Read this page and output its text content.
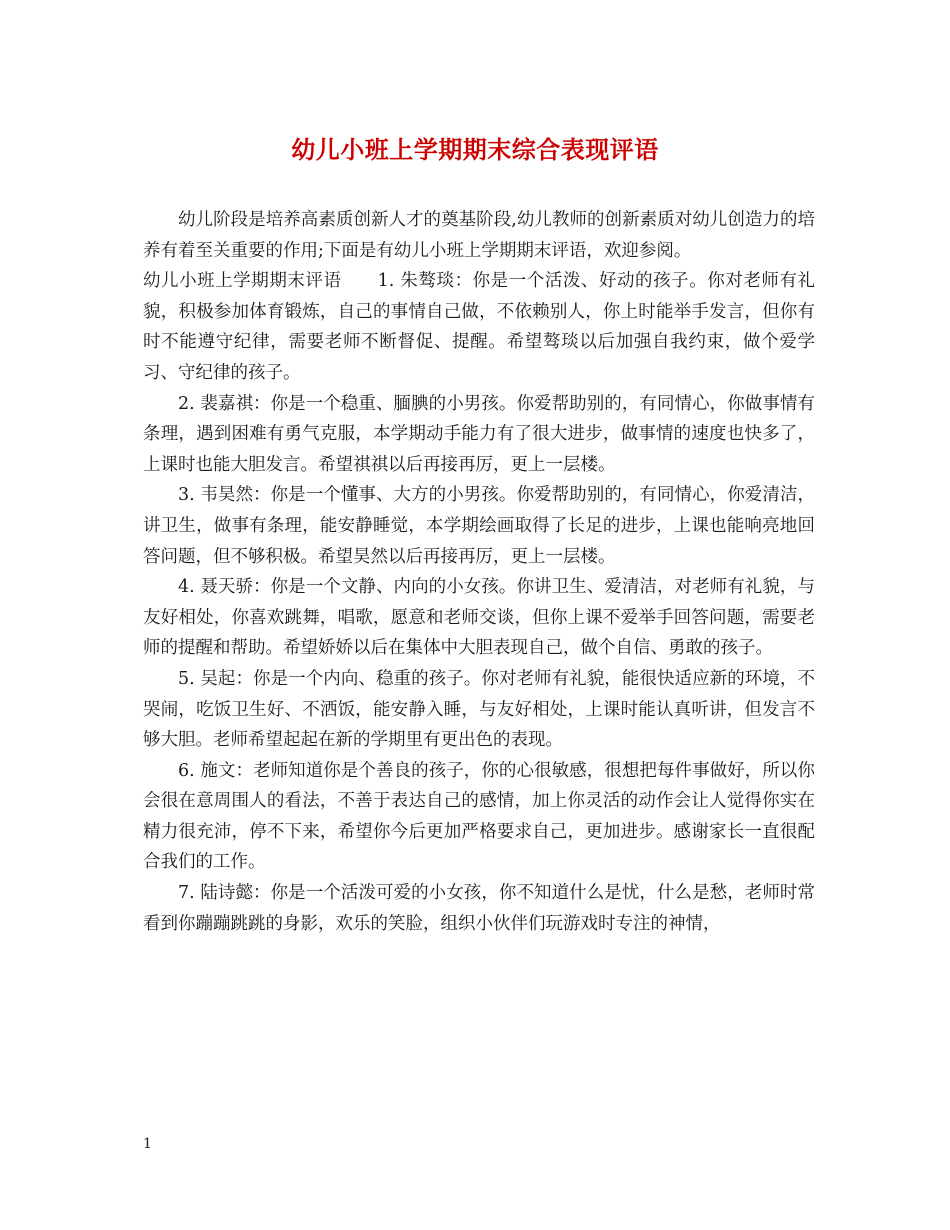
幼儿小班上学期期末综合表现评语

幼儿阶段是培养高素质创新人才的奠基阶段,幼儿教师的创新素质对幼儿创造力的培养有着至关重要的作用;下面是有幼儿小班上学期期末评语，欢迎参阅。

幼儿小班上学期期末评语　　1. 朱骜琰：你是一个活泼、好动的孩子。你对老师有礼貌，积极参加体育锻炼，自己的事情自己做，不依赖别人，你上时能举手发言，但你有时不能遵守纪律，需要老师不断督促、提醒。希望骜琰以后加强自我约束，做个爱学习、守纪律的孩子。

2. 裴嘉祺：你是一个稳重、腼腆的小男孩。你爱帮助别的，有同情心，你做事情有条理，遇到困难有勇气克服，本学期动手能力有了很大进步，做事情的速度也快多了，上课时也能大胆发言。希望祺祺以后再接再厉，更上一层楼。

3. 韦昊然：你是一个懂事、大方的小男孩。你爱帮助别的，有同情心，你爱清洁，讲卫生，做事有条理，能安静睡觉，本学期绘画取得了长足的进步，上课也能响亮地回答问题，但不够积极。希望昊然以后再接再厉，更上一层楼。

4. 聂天骄：你是一个文静、内向的小女孩。你讲卫生、爱清洁，对老师有礼貌，与友好相处，你喜欢跳舞，唱歌，愿意和老师交谈，但你上课不爱举手回答问题，需要老师的提醒和帮助。希望娇娇以后在集体中大胆表现自己，做个自信、勇敢的孩子。

5. 吴起：你是一个内向、稳重的孩子。你对老师有礼貌，能很快适应新的环境，不哭闹，吃饭卫生好、不洒饭，能安静入睡，与友好相处，上课时能认真听讲，但发言不够大胆。老师希望起起在新的学期里有更出色的表现。

6. 施文：老师知道你是个善良的孩子，你的心很敏感，很想把每件事做好，所以你会很在意周围人的看法，不善于表达自己的感情，加上你灵活的动作会让人觉得你实在精力很充沛，停不下来，希望你今后更加严格要求自己，更加进步。感谢家长一直很配合我们的工作。

7. 陆诗懿：你是一个活泼可爱的小女孩，你不知道什么是忧，什么是愁，老师时常看到你蹦蹦跳跳的身影，欢乐的笑脸，组织小伙伴们玩游戏时专注的神情，

1
